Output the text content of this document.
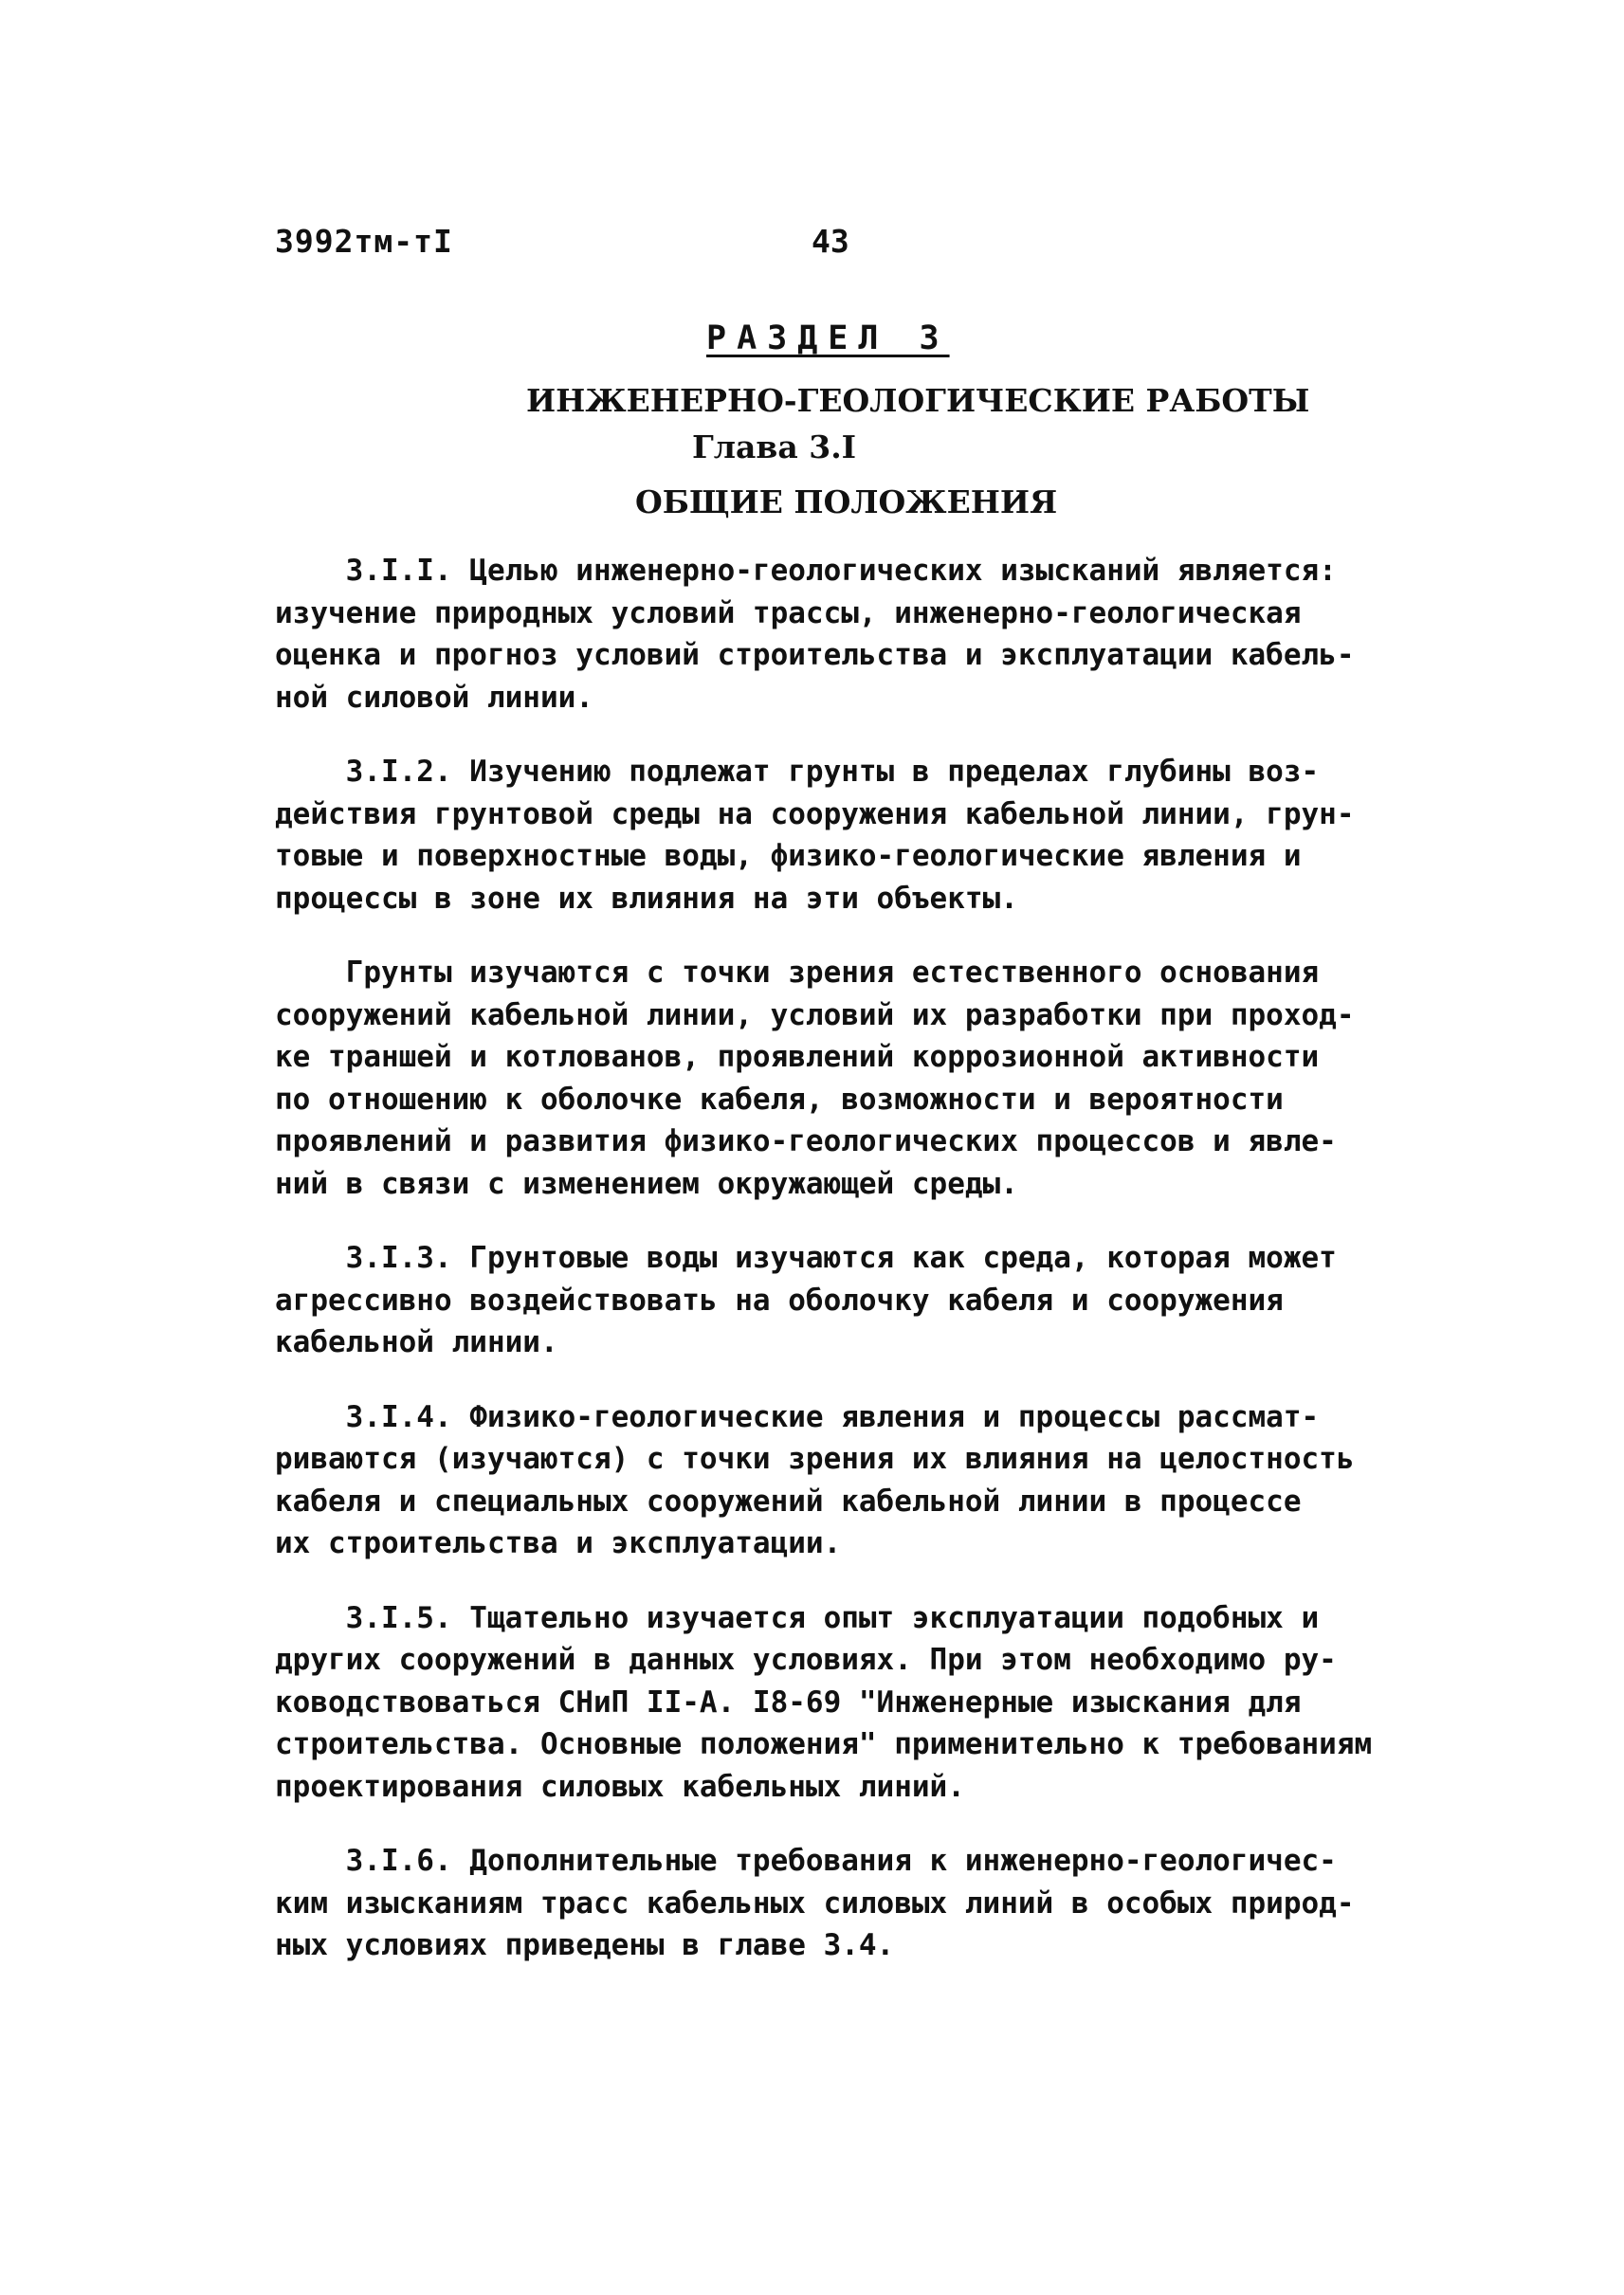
3992тм-тI	43
РАЗДЕЛ 3
ИНЖЕНЕРНО-ГЕОЛОГИЧЕСКИЕ РАБОТЫ
Глава 3.I
ОБЩИЕ ПОЛОЖЕНИЯ
3.I.I. Целью инженерно-геологических изысканий является:
изучение природных условий трассы, инженерно-геологическая
оценка и прогноз условий строительства и эксплуатации кабель-
ной силовой линии.
3.I.2. Изучению подлежат грунты в пределах глубины воз-
действия грунтовой среды на сооружения кабельной линии, грун-
товые и поверхностные воды, физико-геологические явления и
процессы в зоне их влияния на эти объекты.
Грунты изучаются с точки зрения естественного основания
сооружений кабельной линии, условий их разработки при проход-
ке траншей и котлованов, проявлений коррозионной активности
по отношению к оболочке кабеля, возможности и вероятности
проявлений и развития физико-геологических процессов и явле-
ний в связи с изменением окружающей среды.
3.I.3. Грунтовые воды изучаются как среда, которая может
агрессивно воздействовать на оболочку кабеля и сооружения
кабельной линии.
3.I.4. Физико-геологические явления и процессы рассмат-
риваются (изучаются) с точки зрения их влияния на целостность
кабеля и специальных сооружений кабельной линии в процессе
их строительства и эксплуатации.
3.I.5. Тщательно изучается опыт эксплуатации подобных и
других сооружений в данных условиях. При этом необходимо ру-
ководствоваться СНиП II-А. I8-69 "Инженерные изыскания для
строительства. Основные положения" применительно к требованиям
проектирования силовых кабельных линий.
3.I.6. Дополнительные требования к инженерно-геологичес-
ким изысканиям трасс кабельных силовых линий в особых природ-
ных условиях приведены в главе 3.4.
